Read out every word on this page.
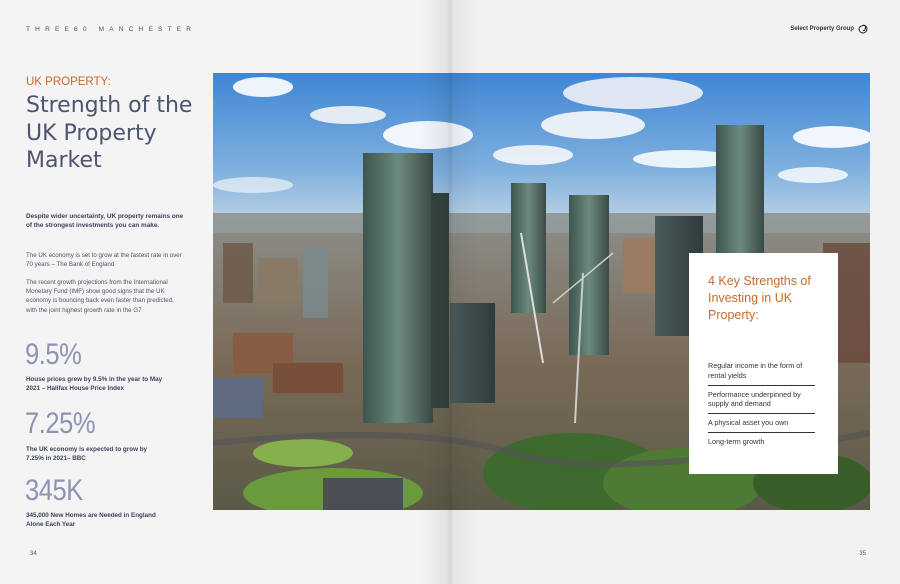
THREE60 MANCHESTER	Select Property Group
UK PROPERTY:
Strength of the UK Property Market

Despite wider uncertainty, UK property remains one of the strongest investments you can make.

The UK economy is set to grow at the fastest rate in over 70 years – The Bank of England

The recent growth projections from the International Monetary Fund (IMF) show good signs that the UK economy is bouncing back even faster than predicted, with the joint highest growth rate in the G7

9.5%

House prices grew by 9.5% in the year to May 2021 – Halifax House Price Index

7.25%

The UK economy is expected to grow by 7.25% in 2021– BBC

345K

345,000 New Homes are Needed in England Alone Each Year

34	35
4 Key Strengths of Investing in UK Property:
Regular income in the form of rental yields
Performance underpinned by supply and demand
A physical asset you own
Long-term growth
